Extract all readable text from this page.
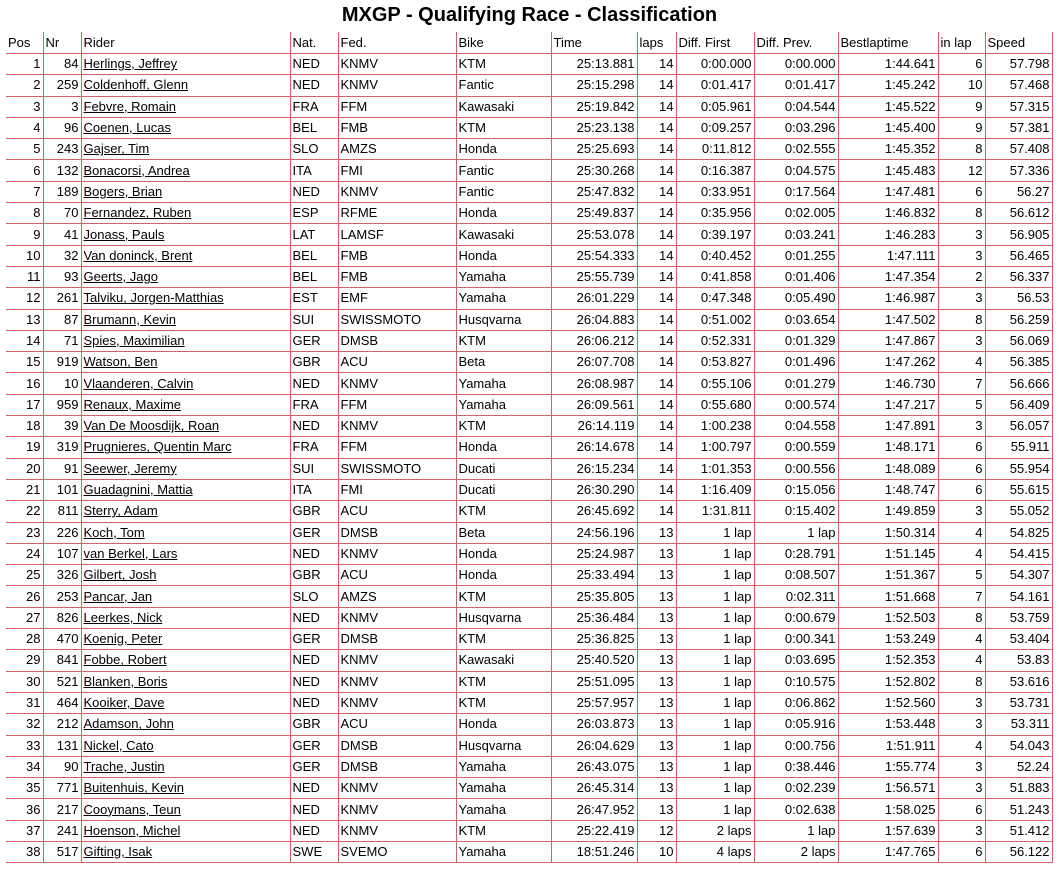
MXGP - Qualifying Race - Classification
Pos	Nr	Rider	Nat.	Fed.	Bike	Time	laps	Diff. First	Diff. Prev.	Bestlaptime	in lap	Speed
1	84	Herlings, Jeffrey	NED	KNMV	KTM	25:13.881	14	0:00.000	0:00.000	1:44.641	6	57.798
2	259	Coldenhoff, Glenn	NED	KNMV	Fantic	25:15.298	14	0:01.417	0:01.417	1:45.242	10	57.468
3	3	Febvre, Romain	FRA	FFM	Kawasaki	25:19.842	14	0:05.961	0:04.544	1:45.522	9	57.315
4	96	Coenen, Lucas	BEL	FMB	KTM	25:23.138	14	0:09.257	0:03.296	1:45.400	9	57.381
5	243	Gajser, Tim	SLO	AMZS	Honda	25:25.693	14	0:11.812	0:02.555	1:45.352	8	57.408
6	132	Bonacorsi, Andrea	ITA	FMI	Fantic	25:30.268	14	0:16.387	0:04.575	1:45.483	12	57.336
7	189	Bogers, Brian	NED	KNMV	Fantic	25:47.832	14	0:33.951	0:17.564	1:47.481	6	56.27
8	70	Fernandez, Ruben	ESP	RFME	Honda	25:49.837	14	0:35.956	0:02.005	1:46.832	8	56.612
9	41	Jonass, Pauls	LAT	LAMSF	Kawasaki	25:53.078	14	0:39.197	0:03.241	1:46.283	3	56.905
10	32	Van doninck, Brent	BEL	FMB	Honda	25:54.333	14	0:40.452	0:01.255	1:47.111	3	56.465
11	93	Geerts, Jago	BEL	FMB	Yamaha	25:55.739	14	0:41.858	0:01.406	1:47.354	2	56.337
12	261	Talviku, Jorgen-Matthias	EST	EMF	Yamaha	26:01.229	14	0:47.348	0:05.490	1:46.987	3	56.53
13	87	Brumann, Kevin	SUI	SWISSMOTO	Husqvarna	26:04.883	14	0:51.002	0:03.654	1:47.502	8	56.259
14	71	Spies, Maximilian	GER	DMSB	KTM	26:06.212	14	0:52.331	0:01.329	1:47.867	3	56.069
15	919	Watson, Ben	GBR	ACU	Beta	26:07.708	14	0:53.827	0:01.496	1:47.262	4	56.385
16	10	Vlaanderen, Calvin	NED	KNMV	Yamaha	26:08.987	14	0:55.106	0:01.279	1:46.730	7	56.666
17	959	Renaux, Maxime	FRA	FFM	Yamaha	26:09.561	14	0:55.680	0:00.574	1:47.217	5	56.409
18	39	Van De Moosdijk, Roan	NED	KNMV	KTM	26:14.119	14	1:00.238	0:04.558	1:47.891	3	56.057
19	319	Prugnieres, Quentin Marc	FRA	FFM	Honda	26:14.678	14	1:00.797	0:00.559	1:48.171	6	55.911
20	91	Seewer, Jeremy	SUI	SWISSMOTO	Ducati	26:15.234	14	1:01.353	0:00.556	1:48.089	6	55.954
21	101	Guadagnini, Mattia	ITA	FMI	Ducati	26:30.290	14	1:16.409	0:15.056	1:48.747	6	55.615
22	811	Sterry, Adam	GBR	ACU	KTM	26:45.692	14	1:31.811	0:15.402	1:49.859	3	55.052
23	226	Koch, Tom	GER	DMSB	Beta	24:56.196	13	1 lap	1 lap	1:50.314	4	54.825
24	107	van Berkel, Lars	NED	KNMV	Honda	25:24.987	13	1 lap	0:28.791	1:51.145	4	54.415
25	326	Gilbert, Josh	GBR	ACU	Honda	25:33.494	13	1 lap	0:08.507	1:51.367	5	54.307
26	253	Pancar, Jan	SLO	AMZS	KTM	25:35.805	13	1 lap	0:02.311	1:51.668	7	54.161
27	826	Leerkes, Nick	NED	KNMV	Husqvarna	25:36.484	13	1 lap	0:00.679	1:52.503	8	53.759
28	470	Koenig, Peter	GER	DMSB	KTM	25:36.825	13	1 lap	0:00.341	1:53.249	4	53.404
29	841	Fobbe, Robert	NED	KNMV	Kawasaki	25:40.520	13	1 lap	0:03.695	1:52.353	4	53.83
30	521	Blanken, Boris	NED	KNMV	KTM	25:51.095	13	1 lap	0:10.575	1:52.802	8	53.616
31	464	Kooiker, Dave	NED	KNMV	KTM	25:57.957	13	1 lap	0:06.862	1:52.560	3	53.731
32	212	Adamson, John	GBR	ACU	Honda	26:03.873	13	1 lap	0:05.916	1:53.448	3	53.311
33	131	Nickel, Cato	GER	DMSB	Husqvarna	26:04.629	13	1 lap	0:00.756	1:51.911	4	54.043
34	90	Trache, Justin	GER	DMSB	Yamaha	26:43.075	13	1 lap	0:38.446	1:55.774	3	52.24
35	771	Buitenhuis, Kevin	NED	KNMV	Yamaha	26:45.314	13	1 lap	0:02.239	1:56.571	3	51.883
36	217	Cooymans, Teun	NED	KNMV	Yamaha	26:47.952	13	1 lap	0:02.638	1:58.025	6	51.243
37	241	Hoenson, Michel	NED	KNMV	KTM	25:22.419	12	2 laps	1 lap	1:57.639	3	51.412
38	517	Gifting, Isak	SWE	SVEMO	Yamaha	18:51.246	10	4 laps	2 laps	1:47.765	6	56.122
